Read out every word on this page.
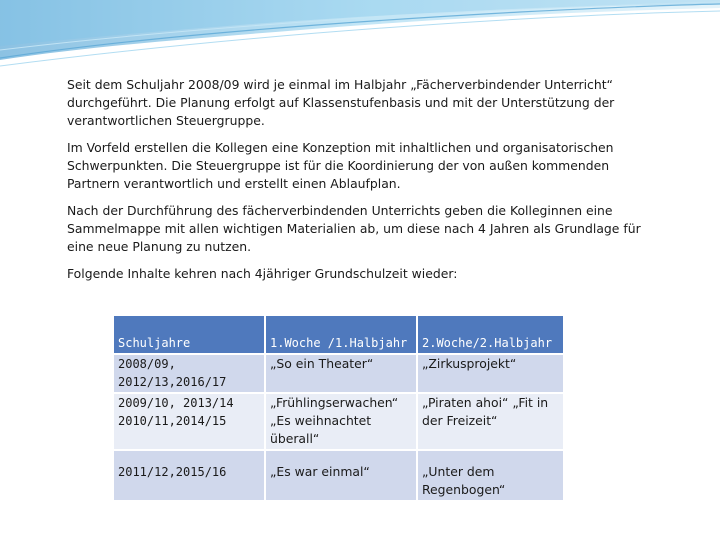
Seit dem Schuljahr 2008/09 wird je einmal im Halbjahr „Fächerverbindender Unterricht“ durchgeführt. Die Planung erfolgt auf Klassenstufenbasis und mit der Unterstützung der verantwortlichen Steuergruppe.

Im Vorfeld erstellen die Kollegen eine Konzeption mit inhaltlichen und organisatorischen Schwerpunkten. Die Steuergruppe ist für die Koordinierung der von außen kommenden Partnern verantwortlich und erstellt einen Ablaufplan.

Nach der Durchführung des fächerverbindenden Unterrichts geben die Kolleginnen eine Sammelmappe mit allen wichtigen Materialien ab, um diese nach 4 Jahren als Grundlage für eine neue Planung zu nutzen.

Folgende Inhalte kehren nach 4jähriger Grundschulzeit wieder:

Schuljahre	1.Woche /1.Halbjahr	2.Woche/2.Halbjahr
2008/09, 2012/13,2016/17	„So ein Theater“	„Zirkusprojekt“
2009/10, 2013/14 2010/11,2014/15	„Frühlingserwachen“ „Es weihnachtet überall“	„Piraten ahoi“ „Fit in der Freizeit“
2011/12,2015/16	„Es war einmal“	„Unter dem Regenbogen“
